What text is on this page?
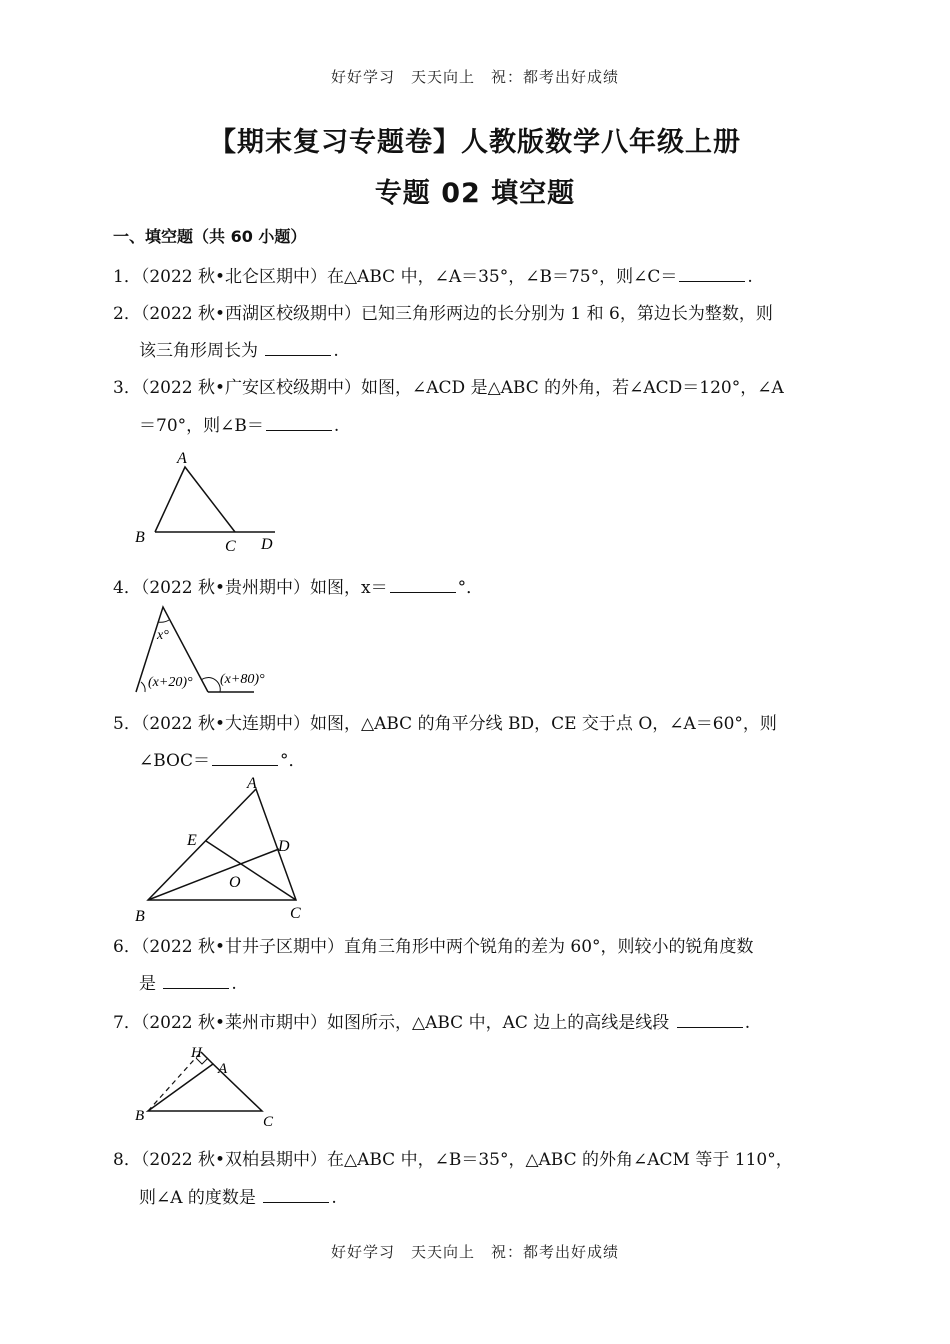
好好学习　天天向上　祝：都考出好成绩
【期末复习专题卷】人教版数学八年级上册
专题 02 填空题
一、填空题（共 60 小题）
1．（2022 秋•北仑区期中）在△ABC 中，∠A＝35°，∠B＝75°，则∠C＝	.
2．（2022 秋•西湖区校级期中）已知三角形两边的长分别为 1 和 6，第边长为整数，则
该三角形周长为	.
3．（2022 秋•广安区校级期中）如图，∠ACD 是△ABC 的外角，若∠ACD＝120°，∠A
＝70°，则∠B＝	.
A
B
C D
4．（2022 秋•贵州期中）如图，x＝	°．
x°
(x+20)° (x+80)°
5．（2022 秋•大连期中）如图，△ABC 的角平分线 BD，CE 交于点 O，∠A＝60°，则
∠BOC＝	°．
A
B	C
D
E
O
6．（2022 秋•甘井子区期中）直角三角形中两个锐角的差为 60°，则较小的锐角度数
是	.
7．（2022 秋•莱州市期中）如图所示，△ABC 中，AC 边上的高线是线段	.
H
A
B	C
8．（2022 秋•双柏县期中）在△ABC 中，∠B＝35°，△ABC 的外角∠ACM 等于 110°，
则∠A 的度数是	.
好好学习　天天向上　祝：都考出好成绩
